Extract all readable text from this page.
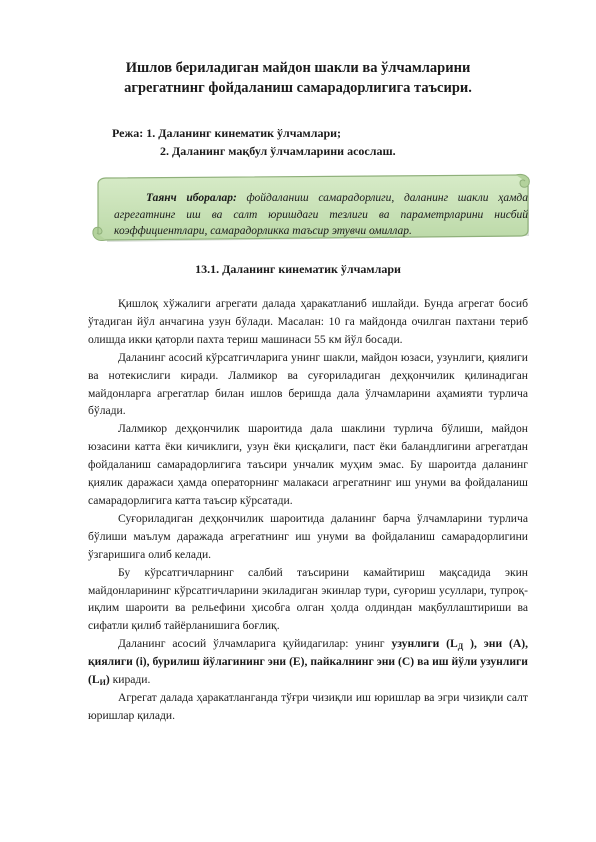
Ишлов бериладиган майдон шакли ва ўлчамларини
агрегатнинг фойдаланиш самарадорлигига таъсири.
Режа: 1. Даланинг кинематик ўлчамлари;
2. Даланинг мақбул ўлчамларини асослаш.
Таянч иборалар: фойдаланиш самарадорлиги, даланинг шакли ҳамда агрегатнинг иш ва салт юришдаги тезлиги ва параметрларини нисбий коэффициентлари, самарадорликка таъсир этувчи омиллар.
13.1. Даланинг кинематик ўлчамлари

Қишлоқ хўжалиги агрегати далада ҳаракатланиб ишлайди. Бунда агрегат босиб ўтадиган йўл анчагина узун бўлади. Масалан: 10 га майдонда очилган пахтани териб олишда икки қаторли пахта териш машинаси 55 км йўл босади.

Даланинг асосий кўрсатгичларига унинг шакли, майдон юзаси, узунлиги, қиялиги ва нотекислиги киради. Лалмикор ва суғориладиган деҳқончилик қилинадиган майдонларга агрегатлар билан ишлов беришда дала ўлчамларини аҳамияти турлича бўлади.

Лалмикор деҳқончилик шароитида дала шаклини турлича бўлиши, майдон юзасини катта ёки кичиклиги, узун ёки қисқалиги, паст ёки баландлигини агрегатдан фойдаланиш самарадорлигига таъсири унчалик муҳим эмас. Бу шароитда даланинг қиялик даражаси ҳамда операторнинг малакаси агрегатнинг иш унуми ва фойдаланиш самарадорлигига катта таъсир кўрсатади.

Суғориладиган деҳқончилик шароитида даланинг барча ўлчамларини турлича бўлиши маълум даражада агрегатнинг иш унуми ва фойдаланиш самарадорлигини ўзгаришига олиб келади.

Бу кўрсатгичларнинг салбий таъсирини камайтириш мақсадида экин майдонларининг кўрсатгичларини экиладиган экинлар тури, суғориш усуллари, тупроқ-иқлим шароити ва рельефини ҳисобга олган ҳолда олдиндан мақбуллаштириши ва сифатли қилиб тайёрланишига боғлиқ.

Даланинг асосий ўлчамларига қуйидагилар: унинг узунлиги ($L_Д$ ), эни (А), қиялиги (i), бурилиш йўлагининг эни (Е), пайкалнинг эни (С) ва иш йўли узунлиги $(L_И)$ киради.

Агрегат далада ҳаракатланганда тўғри чизиқли иш юришлар ва эгри чизиқли салт юришлар қилади.
